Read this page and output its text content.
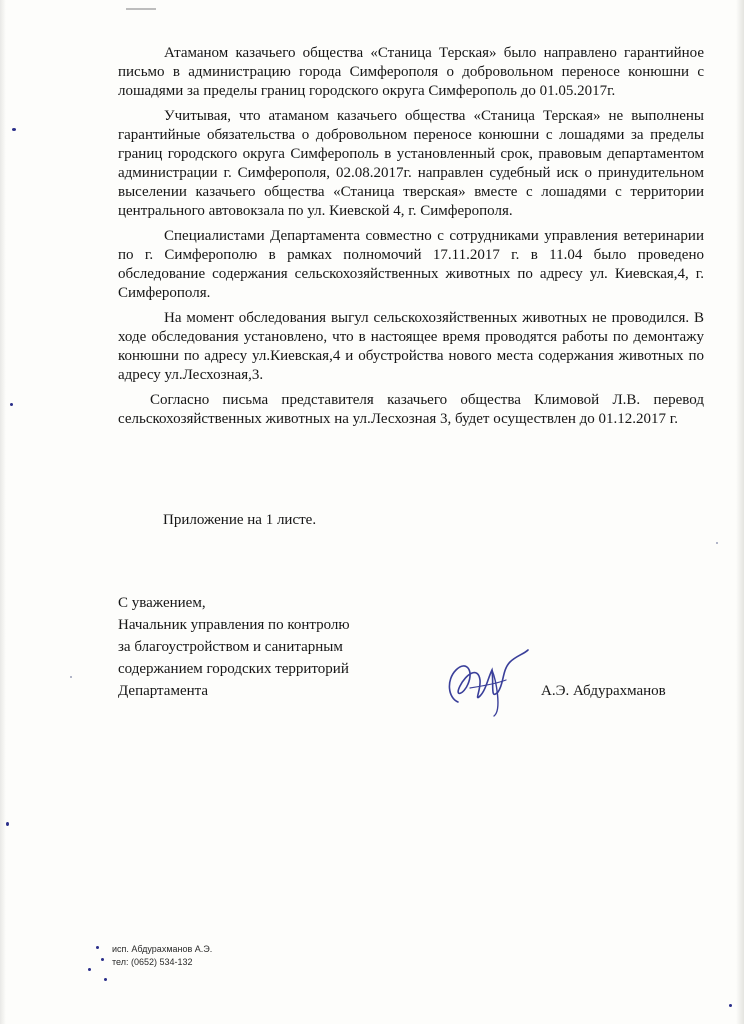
Атаманом казачьего общества «Станица Терская» было направлено гарантийное письмо в администрацию города Симферополя о добровольном переносе конюшни с лошадями за пределы границ городского округа Симферополь до 01.05.2017г.

Учитывая, что атаманом казачьего общества «Станица Терская» не выполнены гарантийные обязательства о добровольном переносе конюшни с лошадями за пределы границ городского округа Симферополь в установленный срок, правовым департаментом администрации г. Симферополя, 02.08.2017г. направлен судебный иск о принудительном выселении казачьего общества «Станица тверская» вместе с лошадями с территории центрального автовокзала по ул. Киевской 4, г. Симферополя.

Специалистами Департамента совместно с сотрудниками управления ветеринарии по г. Симферополю в рамках полномочий 17.11.2017 г. в 11.04 было проведено обследование содержания сельскохозяйственных животных по адресу ул. Киевская,4, г. Симферополя.

На момент обследования выгул сельскохозяйственных животных не проводился. В ходе обследования установлено, что в настоящее время проводятся работы по демонтажу конюшни по адресу ул.Киевская,4 и обустройства нового места содержания животных по адресу ул.Лесхозная,3.

Согласно письма представителя казачьего общества Климовой Л.В. перевод сельскохозяйственных животных на ул.Лесхозная 3, будет осуществлен до 01.12.2017 г.

Приложение на 1 листе.
С уважением,
Начальник управления по контролю
за благоустройством и санитарным
содержанием городских территорий
Департамента	А.Э. Абдурахманов
исп. Абдурахманов А.Э.
тел: (0652) 534-132
